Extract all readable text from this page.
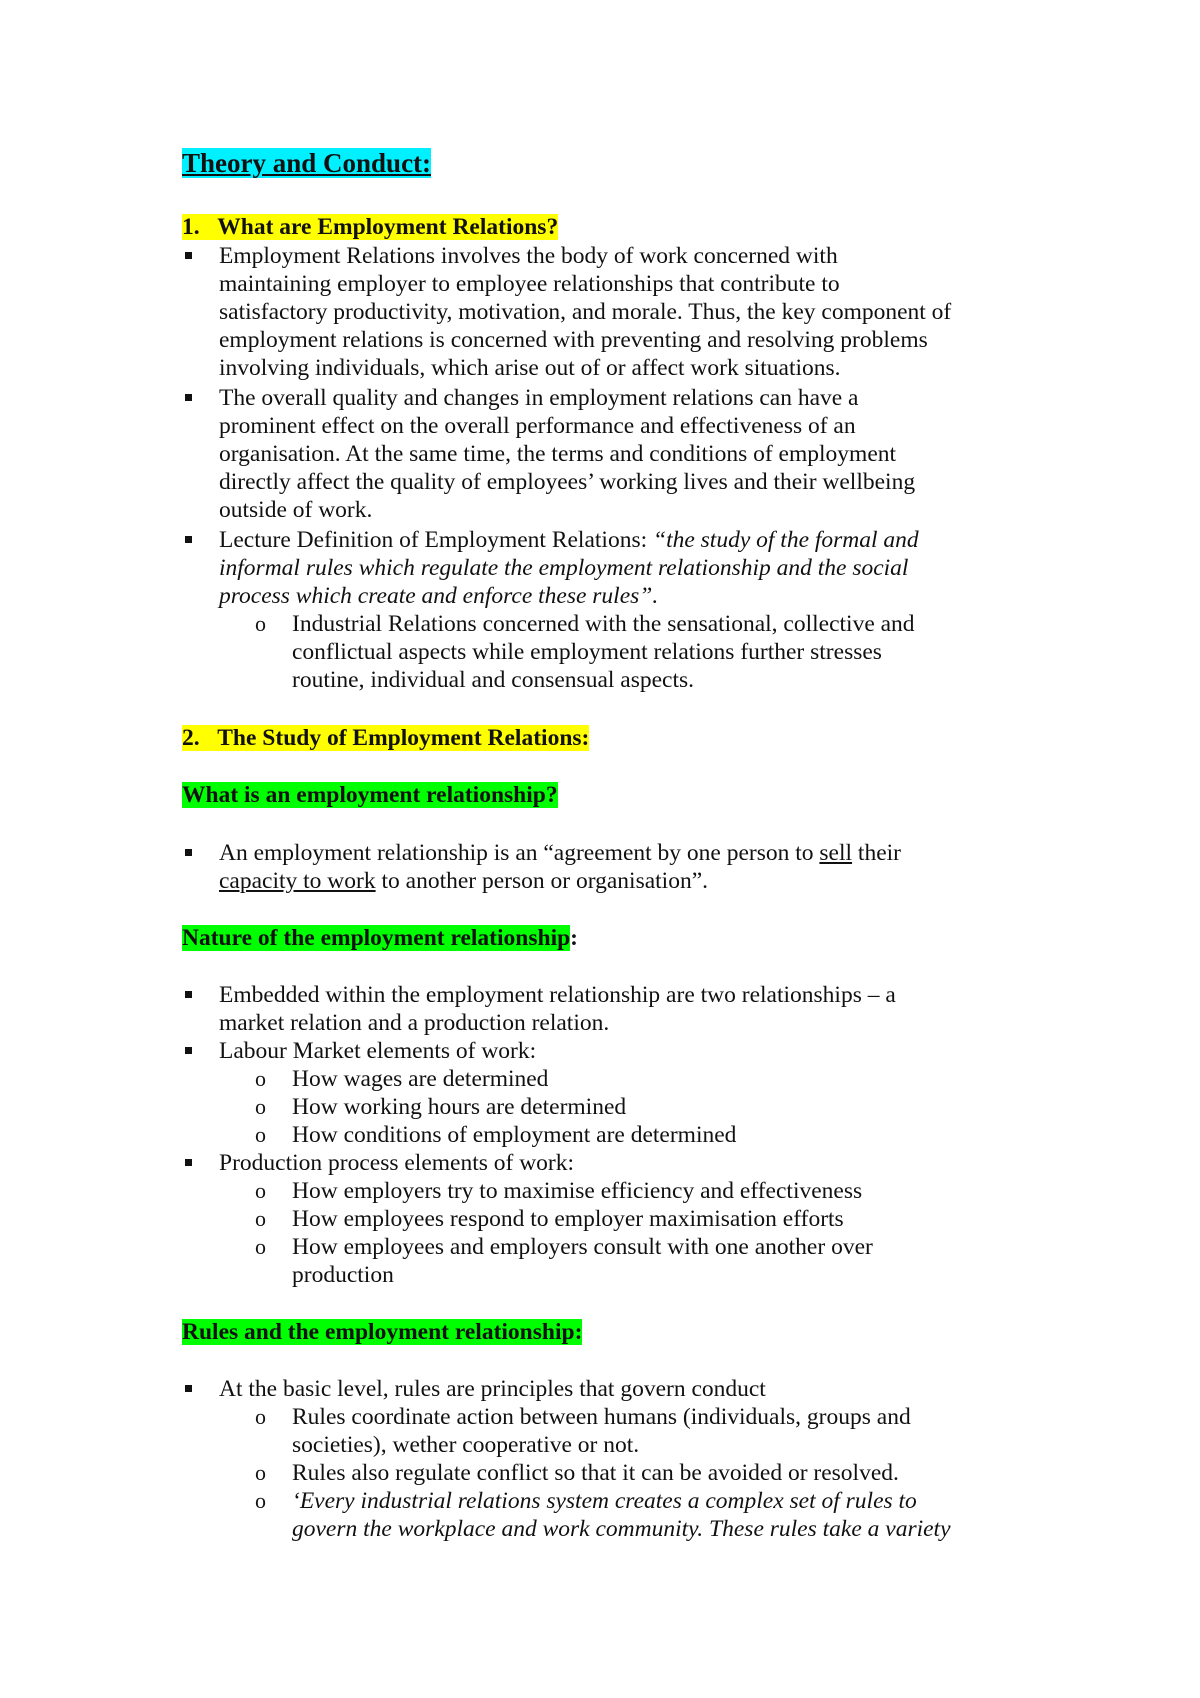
Theory and Conduct:
1. What are Employment Relations?
Employment Relations involves the body of work concerned with
maintaining employer to employee relationships that contribute to
satisfactory productivity, motivation, and morale. Thus, the key component of
employment relations is concerned with preventing and resolving problems
involving individuals, which arise out of or affect work situations.
The overall quality and changes in employment relations can have a
prominent effect on the overall performance and effectiveness of an
organisation. At the same time, the terms and conditions of employment
directly affect the quality of employees’ working lives and their wellbeing
outside of work.
Lecture Definition of Employment Relations: “the study of the formal and
informal rules which regulate the employment relationship and the social
process which create and enforce these rules”.
o Industrial Relations concerned with the sensational, collective and
conflictual aspects while employment relations further stresses
routine, individual and consensual aspects.
2. The Study of Employment Relations:
What is an employment relationship?
An employment relationship is an “agreement by one person to sell their
capacity to work to another person or organisation”.
Nature of the employment relationship:
Embedded within the employment relationship are two relationships – a
market relation and a production relation.
Labour Market elements of work:
o How wages are determined
o How working hours are determined
o How conditions of employment are determined
Production process elements of work:
o How employers try to maximise efficiency and effectiveness
o How employees respond to employer maximisation efforts
o How employees and employers consult with one another over
production
Rules and the employment relationship:
At the basic level, rules are principles that govern conduct
o Rules coordinate action between humans (individuals, groups and
societies), wether cooperative or not.
o Rules also regulate conflict so that it can be avoided or resolved.
o ‘Every industrial relations system creates a complex set of rules to
govern the workplace and work community. These rules take a variety
